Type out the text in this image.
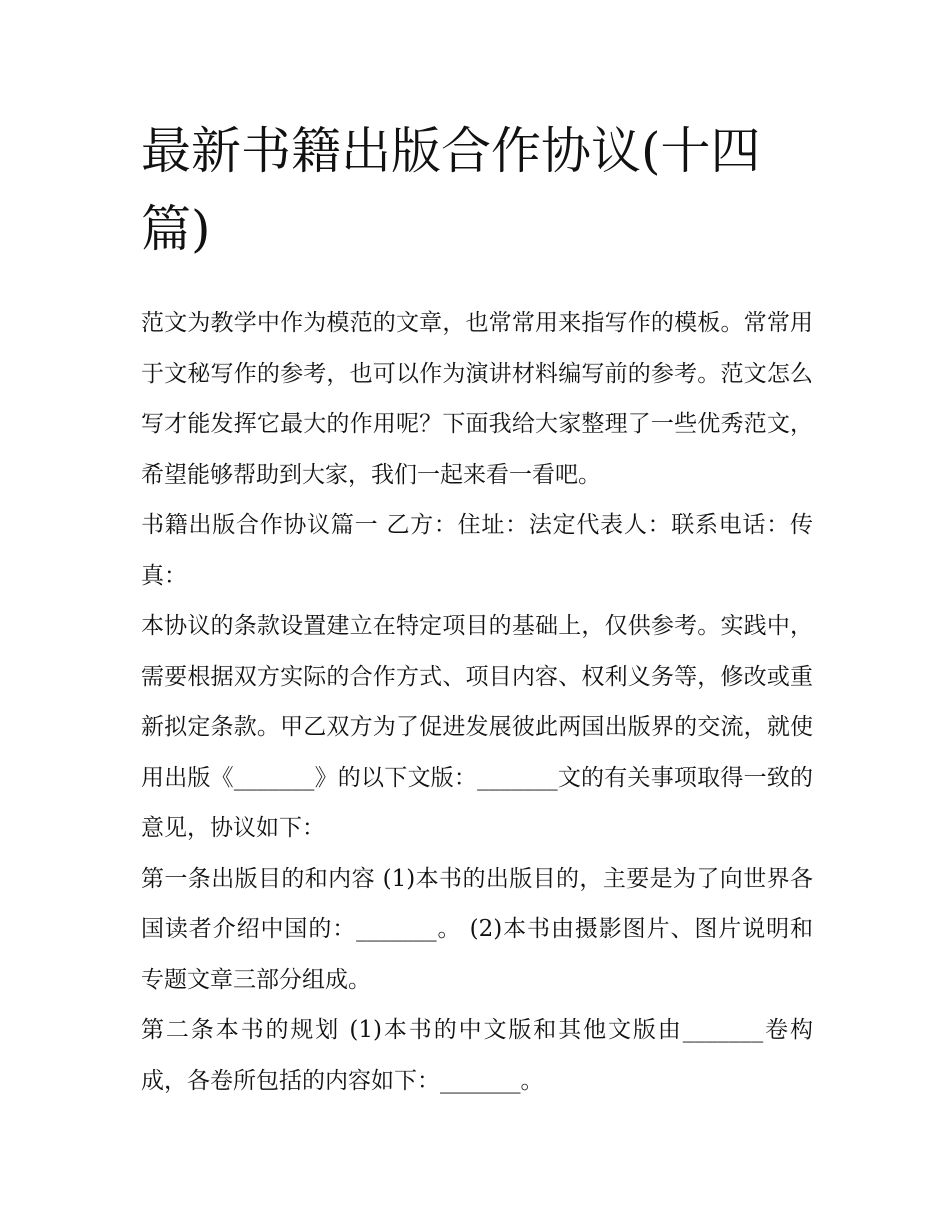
最新书籍出版合作协议(十四篇)

范文为教学中作为模范的文章，也常常用来指写作的模板。常常用于文秘写作的参考，也可以作为演讲材料编写前的参考。范文怎么写才能发挥它最大的作用呢？下面我给大家整理了一些优秀范文，希望能够帮助到大家，我们一起来看一看吧。

书籍出版合作协议篇一 乙方：住址：法定代表人：联系电话：传真：

本协议的条款设置建立在特定项目的基础上，仅供参考。实践中，需要根据双方实际的合作方式、项目内容、权利义务等，修改或重新拟定条款。甲乙双方为了促进发展彼此两国出版界的交流，就使用出版《_______》的以下文版：_______文的有关事项取得一致的意见，协议如下：

第一条出版目的和内容 (1)本书的出版目的，主要是为了向世界各国读者介绍中国的：_______。 (2)本书由摄影图片、图片说明和专题文章三部分组成。

第二条本书的规划 (1)本书的中文版和其他文版由_______卷构成，各卷所包括的内容如下：_______。
